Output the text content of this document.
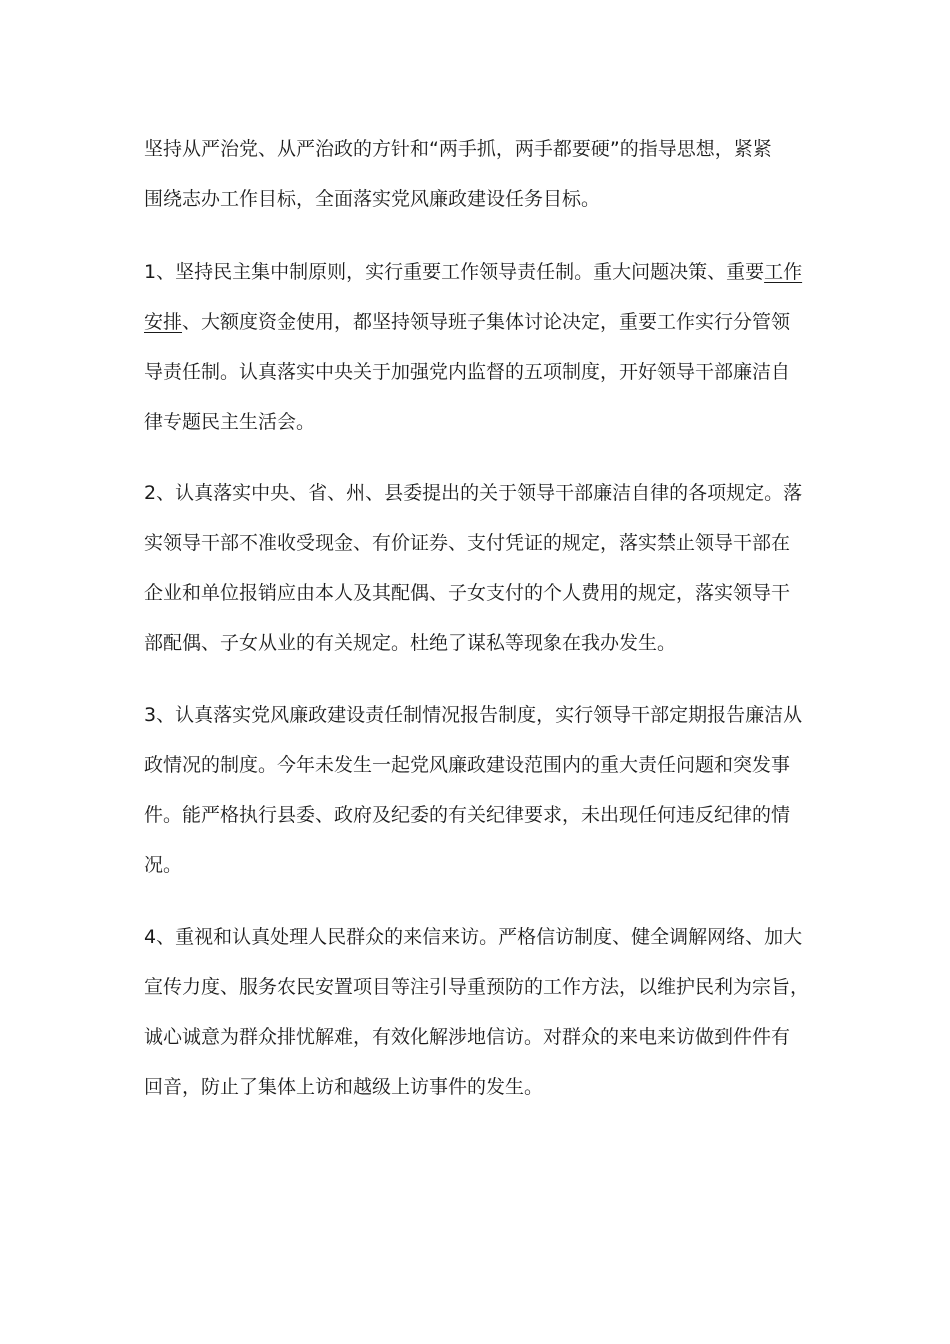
坚持从严治党、从严治政的方针和“两手抓，两手都要硬”的指导思想，紧紧
围绕志办工作目标，全面落实党风廉政建设任务目标。
1、坚持民主集中制原则，实行重要工作领导责任制。重大问题决策、重要工作
安排、大额度资金使用，都坚持领导班子集体讨论决定，重要工作实行分管领
导责任制。认真落实中央关于加强党内监督的五项制度，开好领导干部廉洁自
律专题民主生活会。
2、认真落实中央、省、州、县委提出的关于领导干部廉洁自律的各项规定。落
实领导干部不准收受现金、有价证券、支付凭证的规定，落实禁止领导干部在
企业和单位报销应由本人及其配偶、子女支付的个人费用的规定，落实领导干
部配偶、子女从业的有关规定。杜绝了谋私等现象在我办发生。
3、认真落实党风廉政建设责任制情况报告制度，实行领导干部定期报告廉洁从
政情况的制度。今年未发生一起党风廉政建设范围内的重大责任问题和突发事
件。能严格执行县委、政府及纪委的有关纪律要求，未出现任何违反纪律的情
况。
4、重视和认真处理人民群众的来信来访。严格信访制度、健全调解网络、加大
宣传力度、服务农民安置项目等注引导重预防的工作方法，以维护民利为宗旨，
诚心诚意为群众排忧解难，有效化解涉地信访。对群众的来电来访做到件件有
回音，防止了集体上访和越级上访事件的发生。
